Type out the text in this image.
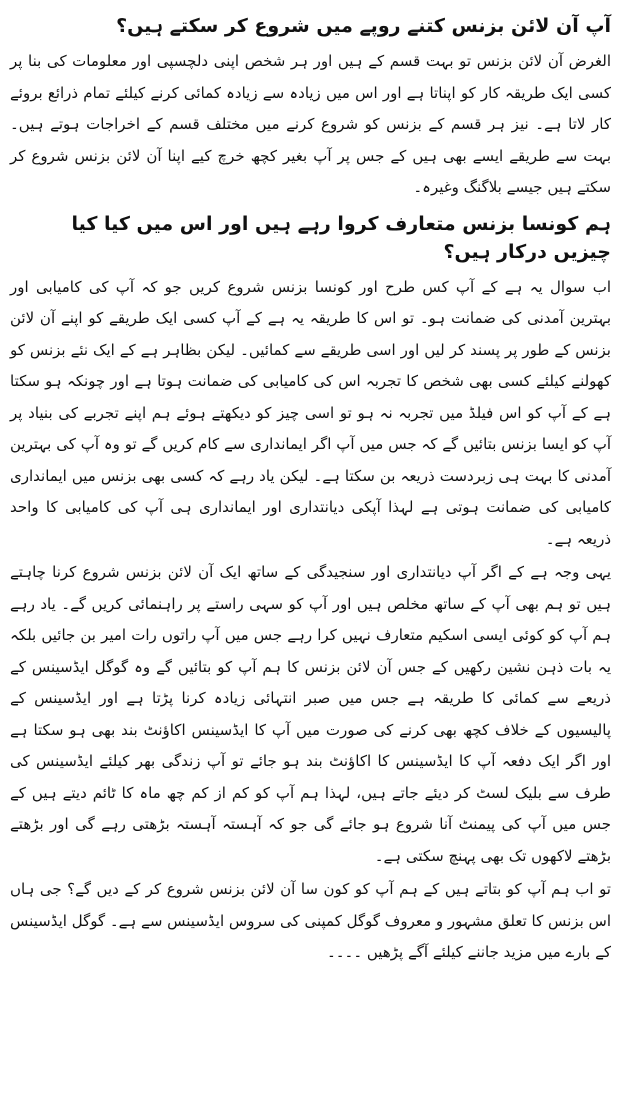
آپ آن لائن بزنس کتنے روپے میں شروع کر سکتے ہیں؟

الغرض آن لائن بزنس تو بہت قسم کے ہیں اور ہر شخص اپنی دلچسپی اور معلومات کی بنا پر کسی ایک طریقہ کار کو اپناتا ہے اور اس میں زیادہ سے زیادہ کمائی کرنے کیلئے تمام ذرائع بروئے کار لاتا ہے۔ نیز ہر قسم کے بزنس کو شروع کرنے میں مختلف قسم کے اخراجات ہوتے ہیں۔ بہت سے طریقے ایسے بھی ہیں کے جس پر آپ بغیر کچھ خرچ کیے اپنا آن لائن بزنس شروع کر سکتے ہیں جیسے بلاگنگ وغیرہ۔

ہم کونسا بزنس متعارف کروا رہے ہیں اور اس میں کیا کیا چیزیں درکار ہیں؟

اب سوال یہ ہے کے آپ کس طرح اور کونسا بزنس شروع کریں جو کہ آپ کی کامیابی اور بہترین آمدنی کی ضمانت ہو۔ تو اس کا طریقہ یہ ہے کے آپ کسی ایک طریقے کو اپنے آن لائن بزنس کے طور پر پسند کر لیں اور اسی طریقے سے کمائیں۔ لیکن بظاہر ہے کے ایک نئے بزنس کو کھولنے کیلئے کسی بھی شخص کا تجربہ اس کی کامیابی کی ضمانت ہوتا ہے اور چونکہ ہو سکتا ہے کے آپ کو اس فیلڈ میں تجربہ نہ ہو تو اسی چیز کو دیکھتے ہوئے ہم اپنے تجربے کی بنیاد پر آپ کو ایسا بزنس بتائیں گے کہ جس میں آپ اگر ایمانداری سے کام کریں گے تو وہ آپ کی بہترین آمدنی کا بہت ہی زبردست ذریعہ بن سکتا ہے۔ لیکن یاد رہے کہ کسی بھی بزنس میں ایمانداری کامیابی کی ضمانت ہوتی ہے لہذا آپکی دیانتداری اور ایمانداری ہی آپ کی کامیابی کا واحد ذریعہ ہے۔

یہی وجہ ہے کے اگر آپ دیانتداری اور سنجیدگی کے ساتھ ایک آن لائن بزنس شروع کرنا چاہتے ہیں تو ہم بھی آپ کے ساتھ مخلص ہیں اور آپ کو سہی راستے پر راہنمائی کریں گے۔ یاد رہے ہم آپ کو کوئی ایسی اسکیم متعارف نہیں کرا رہے جس میں آپ راتوں رات امیر بن جائیں بلکہ یہ بات ذہن نشین رکھیں کے جس آن لائن بزنس کا ہم آپ کو بتائیں گے وہ گوگل ایڈسینس کے ذریعے سے کمائی کا طریقہ ہے جس میں صبر انتہائی زیادہ کرنا پڑتا ہے اور ایڈسینس کے پالیسیوں کے خلاف کچھ بھی کرنے کی صورت میں آپ کا ایڈسینس اکاؤنٹ بند بھی ہو سکتا ہے اور اگر ایک دفعہ آپ کا ایڈسینس کا اکاؤنٹ بند ہو جائے تو آپ زندگی بھر کیلئے ایڈسینس کی طرف سے بلیک لسٹ کر دیئے جاتے ہیں، لہذا ہم آپ کو کم از کم چھ ماہ کا ٹائم دیتے ہیں کے جس میں آپ کی پیمنٹ آنا شروع ہو جائے گی جو کہ آہستہ آہستہ بڑھتی رہے گی اور بڑھتے بڑھتے لاکھوں تک بھی پہنچ سکتی ہے۔

تو اب ہم آپ کو بتاتے ہیں کے ہم آپ کو کون سا آن لائن بزنس شروع کر کے دیں گے؟ جی ہاں اس بزنس کا تعلق مشہور و معروف گوگل کمپنی کی سروس ایڈسینس سے ہے۔ گوگل ایڈسینس کے بارے میں مزید جاننے کیلئے آگے پڑھیں ۔۔۔۔
